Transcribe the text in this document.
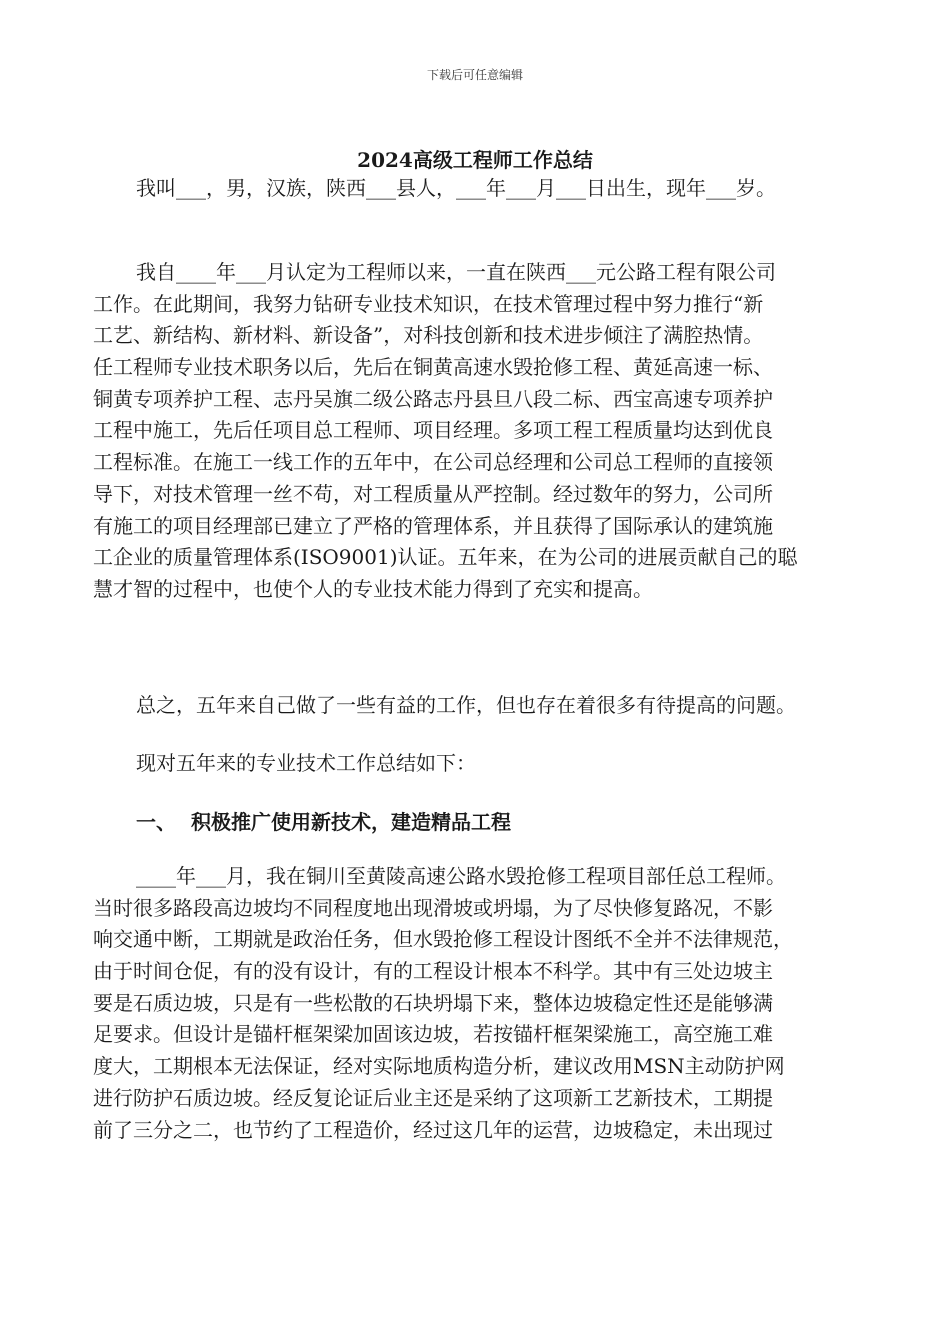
下载后可任意编辑
2024高级工程师工作总结
我叫___，男，汉族，陕西___县人，___年___月___日出生，现年___岁。
我自____年___月认定为工程师以来，一直在陕西___元公路工程有限公司
工作。在此期间，我努力钻研专业技术知识，在技术管理过程中努力推行“新
工艺、新结构、新材料、新设备”，对科技创新和技术进步倾注了满腔热情。
任工程师专业技术职务以后，先后在铜黄高速水毁抢修工程、黄延高速一标、
铜黄专项养护工程、志丹吴旗二级公路志丹县旦八段二标、西宝高速专项养护
工程中施工，先后任项目总工程师、项目经理。多项工程工程质量均达到优良
工程标准。在施工一线工作的五年中，在公司总经理和公司总工程师的直接领
导下，对技术管理一丝不苟，对工程质量从严控制。经过数年的努力，公司所
有施工的项目经理部已建立了严格的管理体系，并且获得了国际承认的建筑施
工企业的质量管理体系(ISO9001)认证。五年来，在为公司的进展贡献自己的聪
慧才智的过程中，也使个人的专业技术能力得到了充实和提高。
总之，五年来自己做了一些有益的工作，但也存在着很多有待提高的问题。
现对五年来的专业技术工作总结如下：
一、 积极推广使用新技术，建造精品工程
____年___月，我在铜川至黄陵高速公路水毁抢修工程项目部任总工程师。
当时很多路段高边坡均不同程度地出现滑坡或坍塌，为了尽快修复路况，不影
响交通中断，工期就是政治任务，但水毁抢修工程设计图纸不全并不法律规范，
由于时间仓促，有的没有设计，有的工程设计根本不科学。其中有三处边坡主
要是石质边坡，只是有一些松散的石块坍塌下来，整体边坡稳定性还是能够满
足要求。但设计是锚杆框架梁加固该边坡，若按锚杆框架梁施工，高空施工难
度大，工期根本无法保证，经对实际地质构造分析，建议改用MSN主动防护网
进行防护石质边坡。经反复论证后业主还是采纳了这项新工艺新技术，工期提
前了三分之二，也节约了工程造价，经过这几年的运营，边坡稳定，未出现过
